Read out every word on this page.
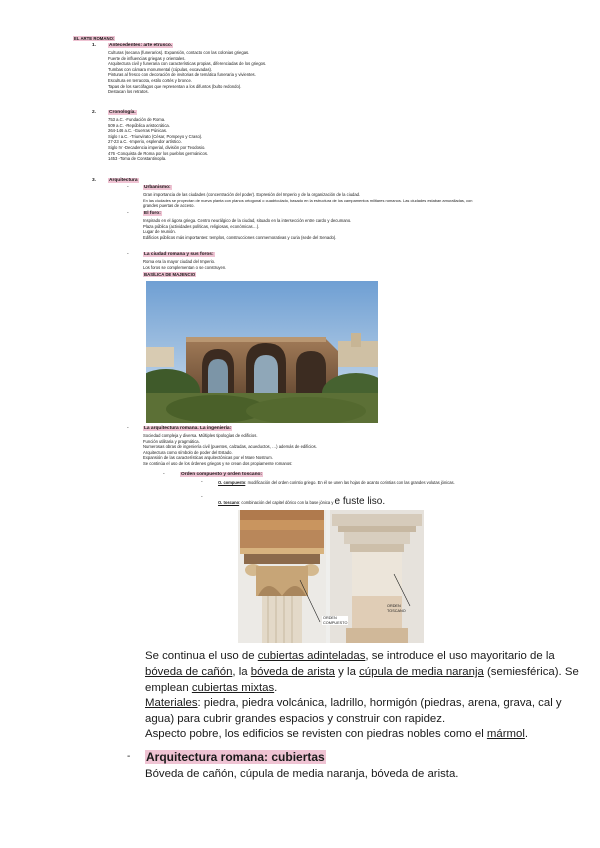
EL ARTE ROMANO:
1.	Antecedentes: arte etrusco.
Culturas (secana (funerarios). Expansión, contacto con las colonias griegas.
Fuerte de influencias griegas y orientales.
Arquitectura civil y funeraria con características propias, diferenciadas de los griegos.
Tumbas con cámara monumental (cúpulas, excavadas).
Pinturas al fresco con decoración de invitorias de temática funeraria y vivientes.
Escultura en terracota, estilo cortés y bronce.
Tapas de los sarcófagos que representan a los difuntos (bulto redondo).
Destacan los retratos.
2.	Cronología.
753 a.C. -Fundación de Roma.
509 a.C. -República aristocrática.
264-146 a.C. -Guerras Púnicas.
Siglo I a.C. -Triunvirato (César, Pompeyo y Craso).
27-23 a.C. -Imperio, esplendor artístico.
Siglo IV -Decadencia imperial, división por Teodosio.
476 -Conquista de Roma por los pueblos germánicos.
1453 -Toma de Constantinopla.
3.	Arquitectura
-	Urbanismo:
Gran importancia de las ciudades (concentración del poder). Expresión del Imperio y de la organización de la ciudad.
En las ciudades se proyectan de nueva planta con planos ortogonal o cuadriculado, basado en la estructura de los campamentos militares romanos. Las ciudades estaban amuralladas, con
grandes puertas de acceso.
-	El foro:
Inspirado en el ágora griega. Centro neurálgico de la ciudad, situado en la intersección entre cardo y decumano.
Plaza pública (actividades políticas, religiosas, económicas…).
Lugar de reunión.
Edificios públicos más importantes: templos, construcciones conmemorativas y curia (sede del Senado).
-	La ciudad romana y sus foros:
Roma era la mayor ciudad del Imperio.
Los foros se complementan o se construyen.
BASÍLICA DE MAJENCIO
-	La arquitectura romana. La ingeniería:
Sociedad compleja y diversa. Múltiples tipologías de edificios.
Función utilitaria y pragmática.
Numerosas obras de ingeniería civil (puentes, calzadas, acueductos, …) además de edificios.
Arquitectura como símbolo de poder del Estado.
Expansión de las características arquitectónicas por el Mare Nostrum.
Se continúa el uso de los órdenes griegos y se crean dos propiamente romanos:
-	Orden compuesto y orden toscano:
-	O. compuesto: modificación del orden corintio griego. En él se unen las hojas de acanto corintias con las grandes volutas jónicas.
-
O. toscano: combinación del capitel dórico con la base jónica y e fuste liso.
ORDEN
COMPUESTO
ORDEN
TOSCANO
Se continua el uso de cubiertas adinteladas, se introduce el uso mayoritario de la
bóveda de cañón, la bóveda de arista y la cúpula de media naranja (semiesférica). Se
emplean cubiertas mixtas.
Materiales: piedra, piedra volcánica, ladrillo, hormigón (piedras, arena, grava, cal y
agua) para cubrir grandes espacios y construir con rapidez.
Aspecto pobre, los edificios se revisten con piedras nobles como el mármol.
- Arquitectura romana: cubiertas
Bóveda de cañón, cúpula de media naranja, bóveda de arista.
